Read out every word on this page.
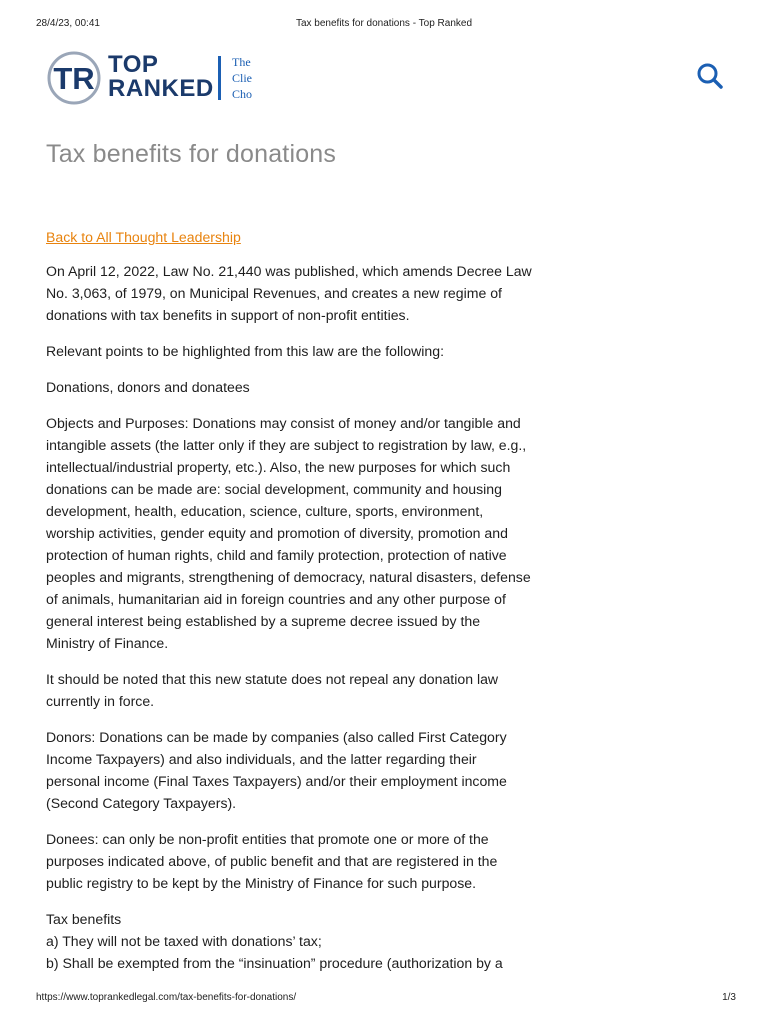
28/4/23, 00:41	Tax benefits for donations - Top Ranked
TR TOP
RANKED
The
Clie
Cho
Tax benefits for donations
Back to All Thought Leadership

On April 12, 2022, Law No. 21,440 was published, which amends Decree Law No. 3,063, of 1979, on Municipal Revenues, and creates a new regime of donations with tax benefits in support of non-profit entities.

Relevant points to be highlighted from this law are the following:

Donations, donors and donatees

Objects and Purposes: Donations may consist of money and/or tangible and intangible assets (the latter only if they are subject to registration by law, e.g., intellectual/industrial property, etc.). Also, the new purposes for which such donations can be made are: social development, community and housing development, health, education, science, culture, sports, environment, worship activities, gender equity and promotion of diversity, promotion and protection of human rights, child and family protection, protection of native peoples and migrants, strengthening of democracy, natural disasters, defense of animals, humanitarian aid in foreign countries and any other purpose of general interest being established by a supreme decree issued by the Ministry of Finance.

It should be noted that this new statute does not repeal any donation law currently in force.

Donors: Donations can be made by companies (also called First Category Income Taxpayers) and also individuals, and the latter regarding their personal income (Final Taxes Taxpayers) and/or their employment income (Second Category Taxpayers).

Donees: can only be non-profit entities that promote one or more of the purposes indicated above, of public benefit and that are registered in the public registry to be kept by the Ministry of Finance for such purpose.

Tax benefits

a) They will not be taxed with donations’ tax;

b) Shall be exempted from the “insinuation” procedure (authorization by a

https://www.toprankedlegal.com/tax-benefits-for-donations/	1/3
